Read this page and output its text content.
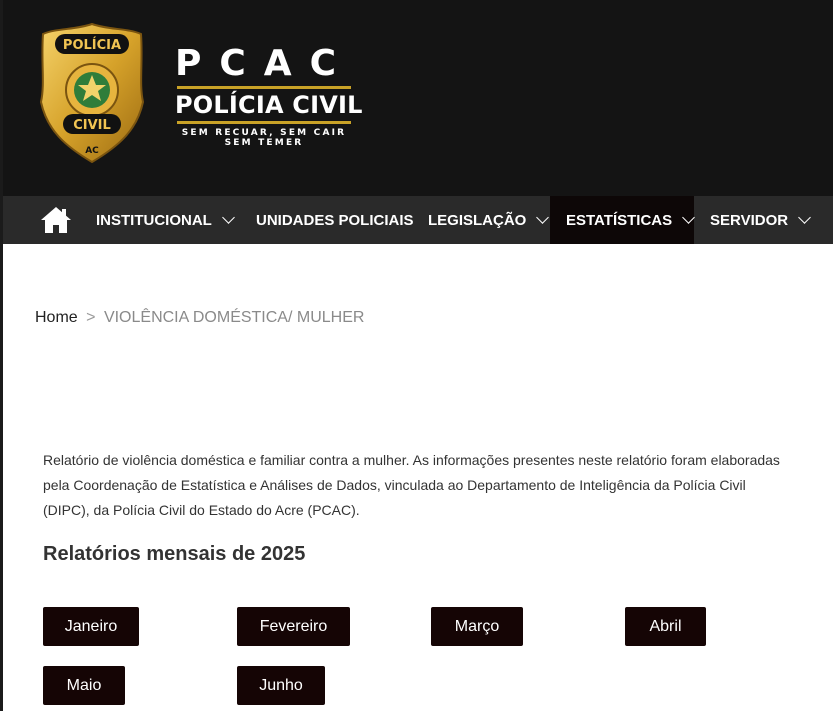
POLÍCIA
CIVIL
AC
PCAC
POLÍCIA CIVIL
SEM RECUAR, SEM CAIR
SEM TEMER
INSTITUCIONAL	UNIDADES POLICIAIS LEGISLAÇÃO	ESTATÍSTICAS	SERVIDOR
Home > VIOLÊNCIA DOMÉSTICA/ MULHER

Relatório de violência doméstica e familiar contra a mulher. As informações presentes neste relatório foram elaboradas pela Coordenação de Estatística e Análises de Dados, vinculada ao Departamento de Inteligência da Polícia Civil (DIPC), da Polícia Civil do Estado do Acre (PCAC).

Relatórios mensais de 2025
Janeiro	Fevereiro	Março	Abril
Maio	Junho
